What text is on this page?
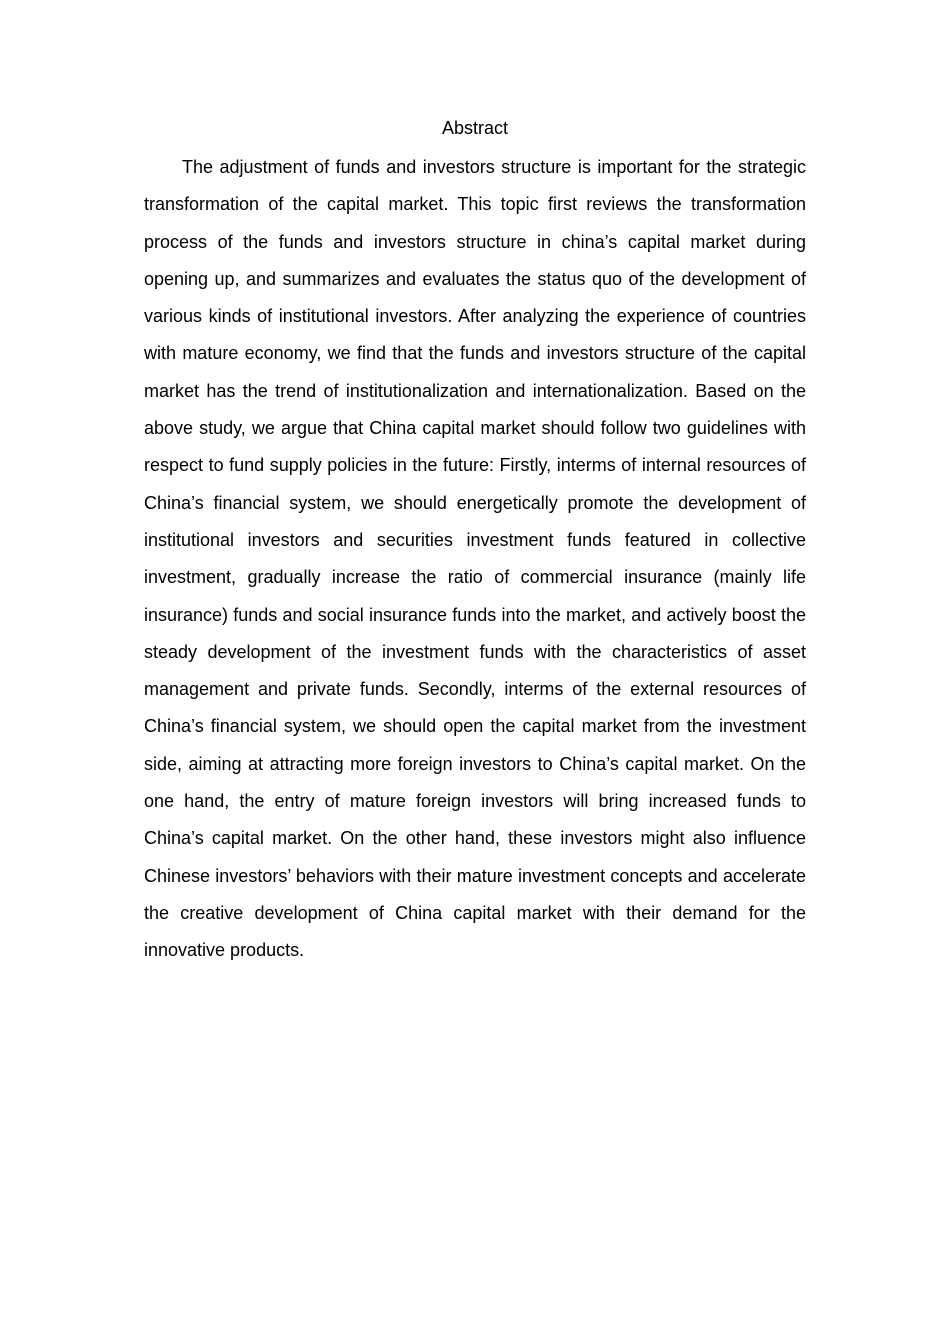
Abstract

The adjustment of funds and investors structure is important for the strategic transformation of the capital market. This topic first reviews the transformation process of the funds and investors structure in china’s capital market during opening up, and summarizes and evaluates the status quo of the development of various kinds of institutional investors. After analyzing the experience of countries with mature economy, we find that the funds and investors structure of the capital market has the trend of institutionalization and internationalization. Based on the above study, we argue that China capital market should follow two guidelines with respect to fund supply policies in the future: Firstly, interms of internal resources of China’s financial system, we should energetically promote the development of institutional investors and securities investment funds featured in collective investment, gradually increase the ratio of commercial insurance (mainly life insurance) funds and social insurance funds into the market, and actively boost the steady development of the investment funds with the characteristics of asset management and private funds. Secondly, interms of the external resources of China’s financial system, we should open the capital market from the investment side, aiming at attracting more foreign investors to China’s capital market. On the one hand, the entry of mature foreign investors will bring increased funds to China’s capital market. On the other hand, these investors might also influence Chinese investors’ behaviors with their mature investment concepts and accelerate the creative development of China capital market with their demand for the innovative products.
